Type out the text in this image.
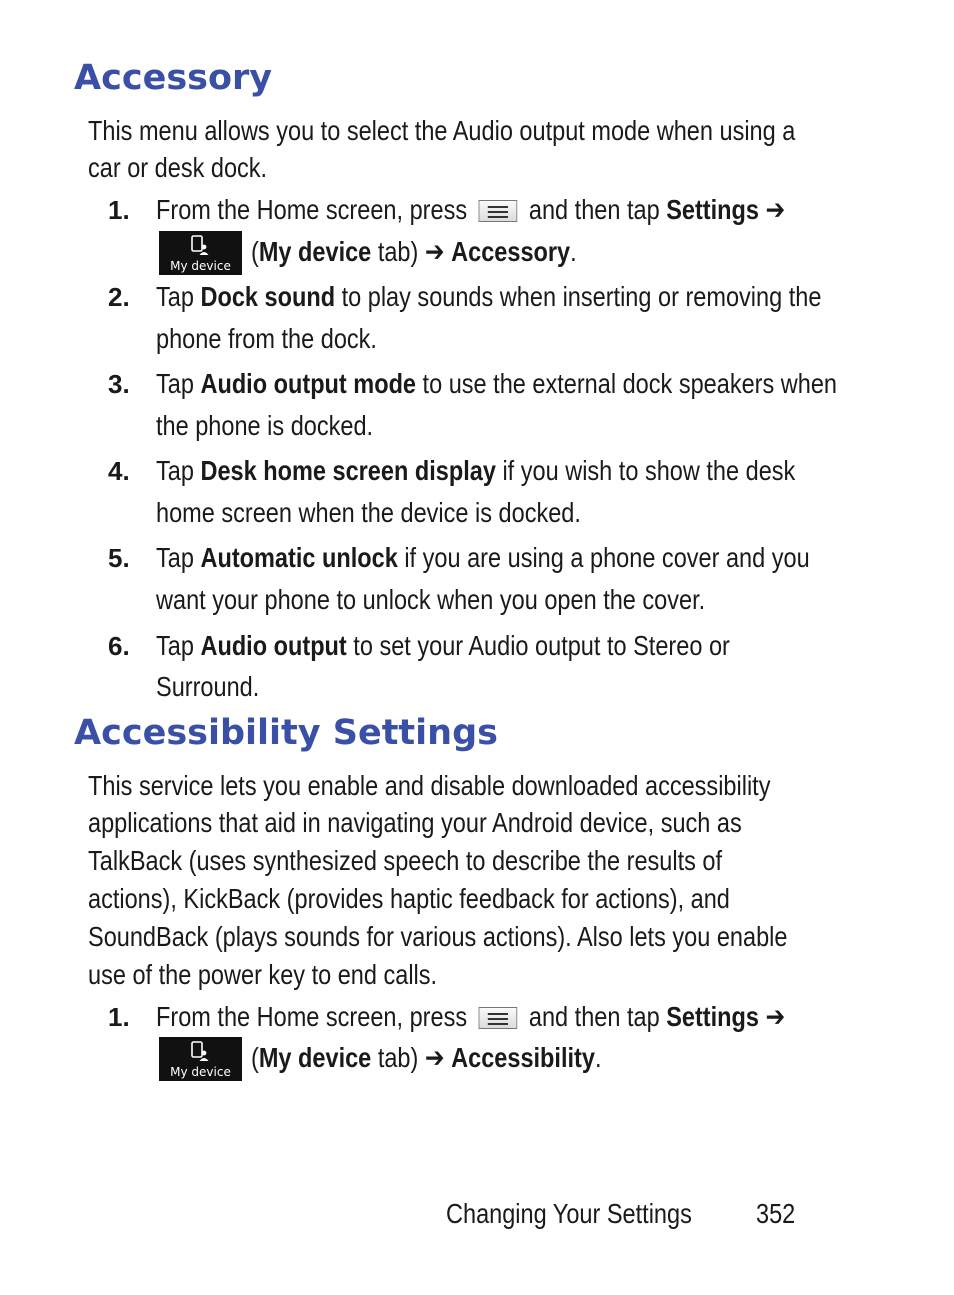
Accessory
This menu allows you to select the Audio output mode when using a
car or desk dock.
1. From the Home screen, press and then tap Settings ➔
My device (My device tab) ➔ Accessory.
2. Tap Dock sound to play sounds when inserting or removing the
phone from the dock.
3. Tap Audio output mode to use the external dock speakers when
the phone is docked.
4. Tap Desk home screen display if you wish to show the desk
home screen when the device is docked.
5. Tap Automatic unlock if you are using a phone cover and you
want your phone to unlock when you open the cover.
6. Tap Audio output to set your Audio output to Stereo or
Surround.
Accessibility Settings
This service lets you enable and disable downloaded accessibility
applications that aid in navigating your Android device, such as
TalkBack (uses synthesized speech to describe the results of
actions), KickBack (provides haptic feedback for actions), and
SoundBack (plays sounds for various actions). Also lets you enable
use of the power key to end calls.
1. From the Home screen, press and then tap Settings ➔
My device (My device tab) ➔ Accessibility.
Changing Your Settings	352
